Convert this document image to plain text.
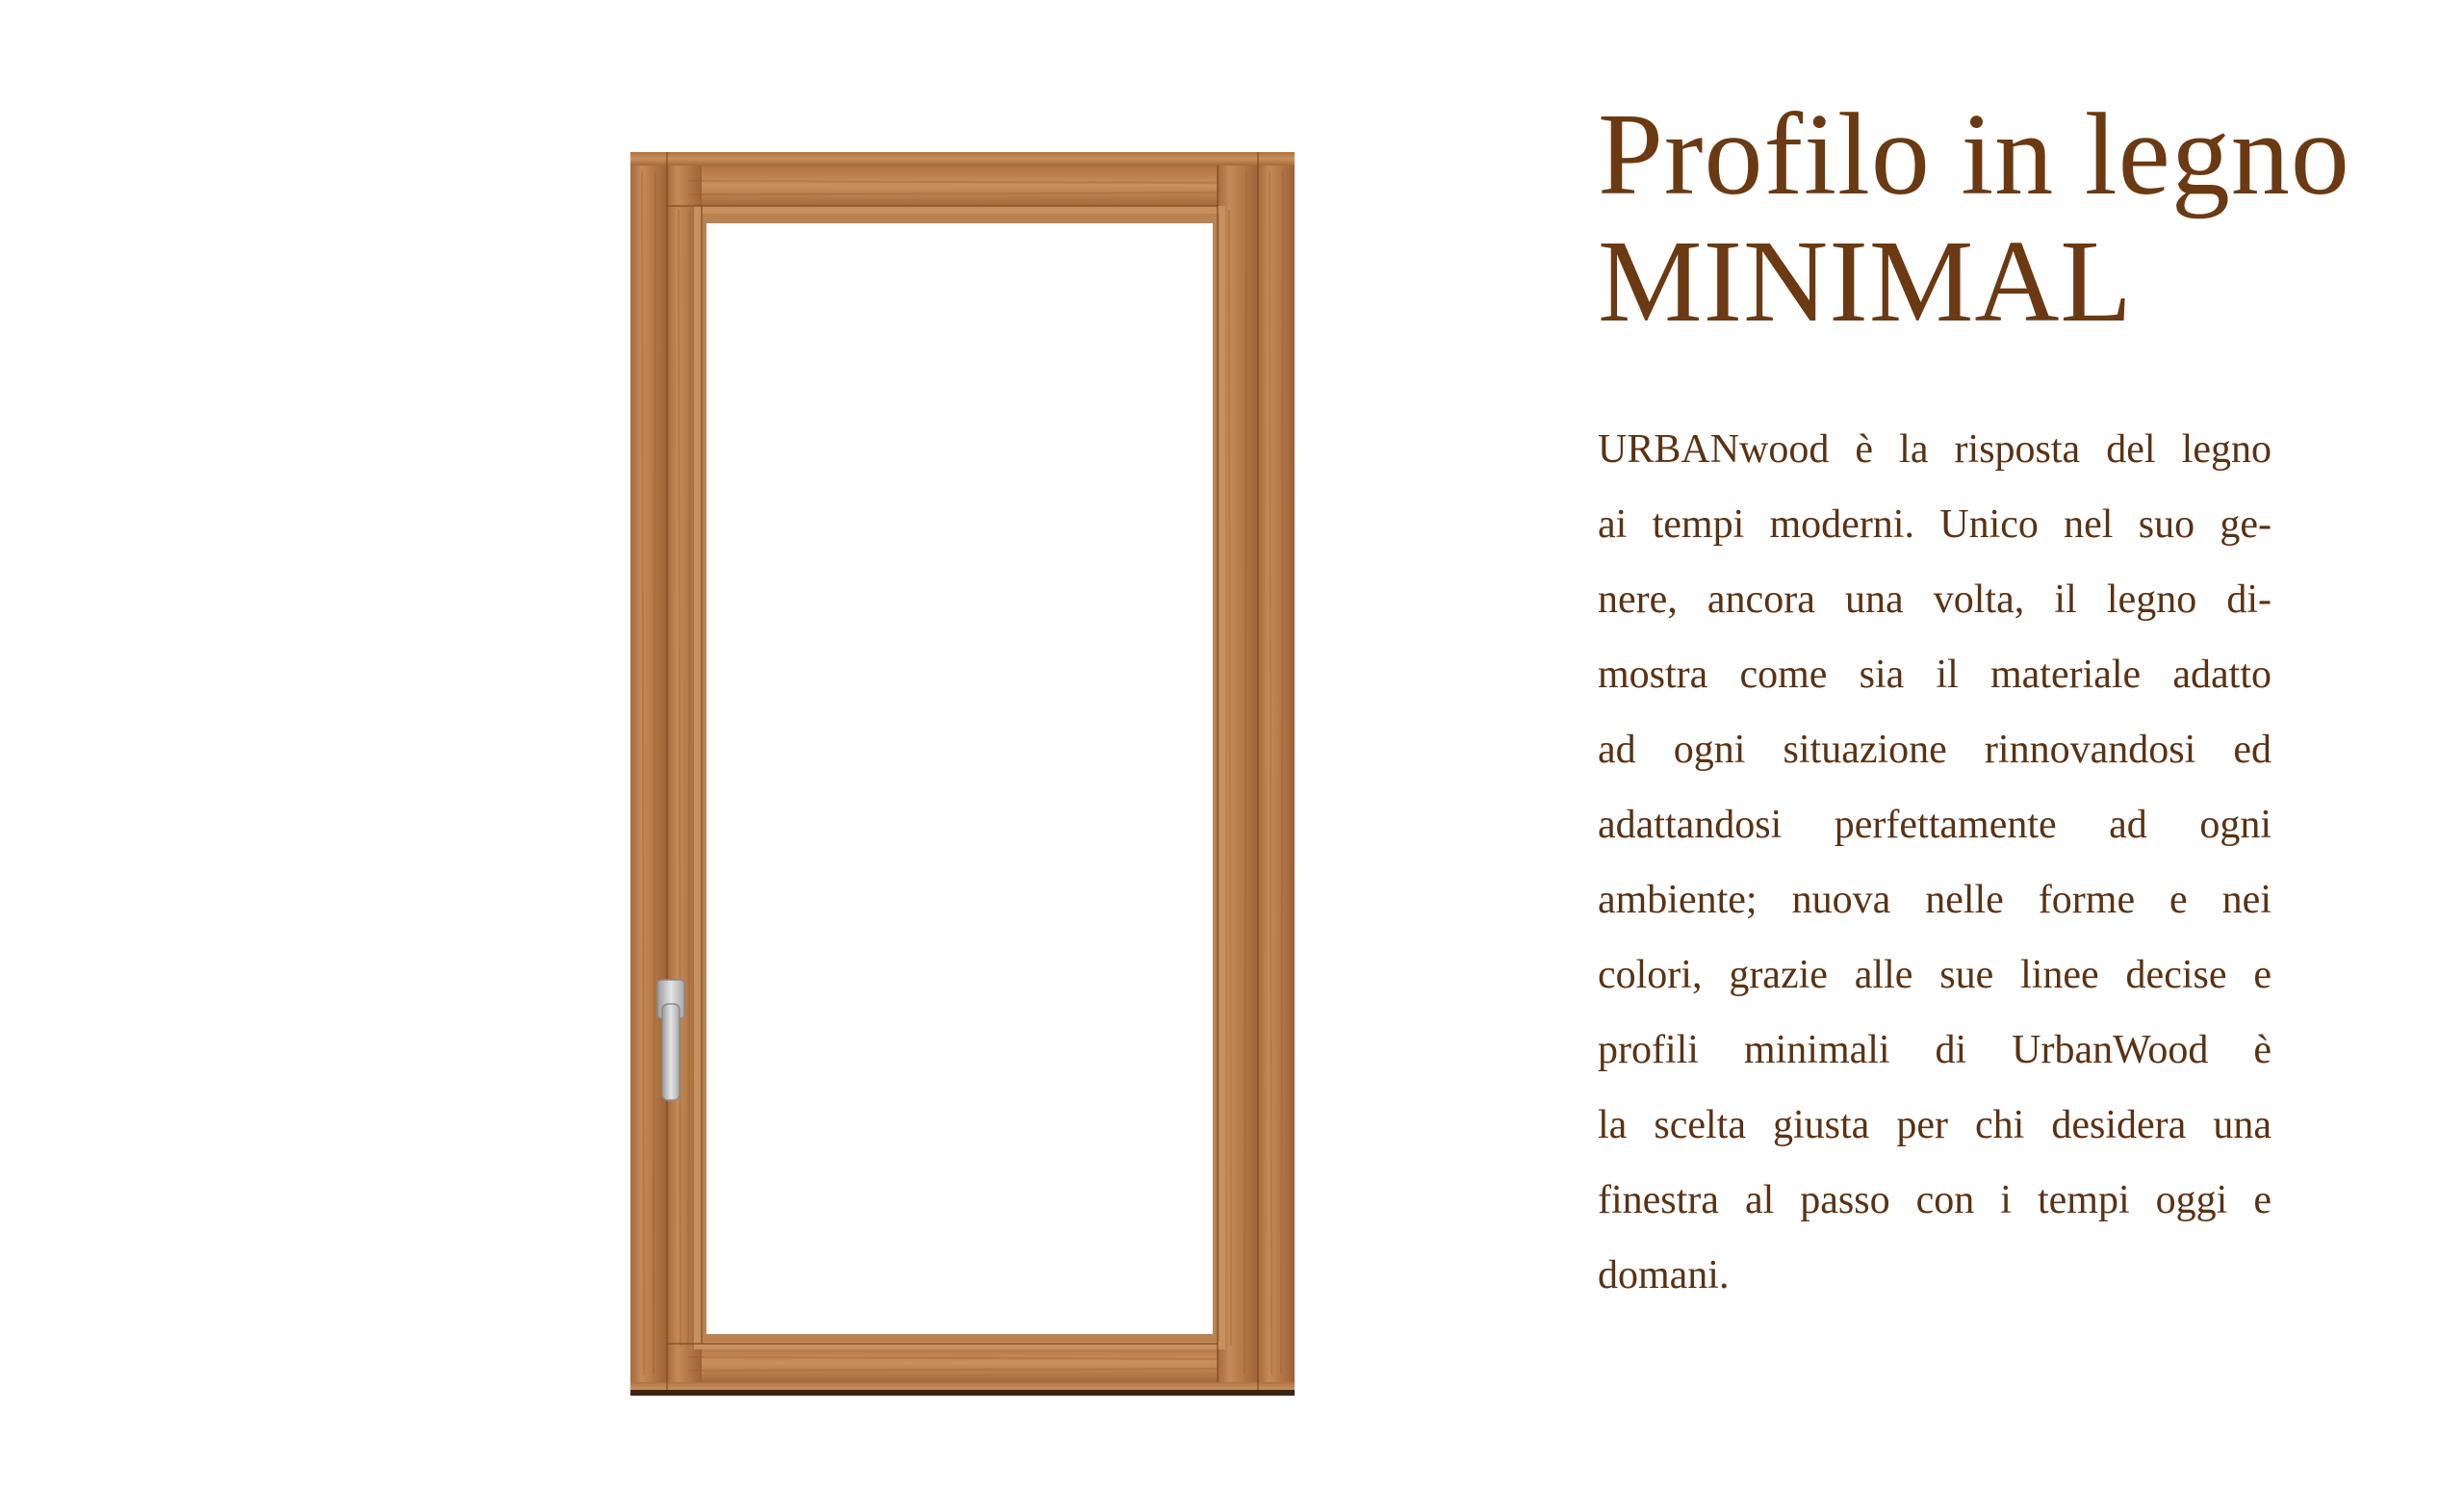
Profilo in legno
MINIMAL
URBANwood è la risposta del legno
ai tempi moderni. Unico nel suo ge-
nere, ancora una volta, il legno di-
mostra come sia il materiale adatto
ad ogni situazione rinnovandosi ed
adattandosi perfettamente ad ogni
ambiente; nuova nelle forme e nei
colori, grazie alle sue linee decise e
profili minimali di UrbanWood è
la scelta giusta per chi desidera una
finestra al passo con i tempi oggi e
domani.
